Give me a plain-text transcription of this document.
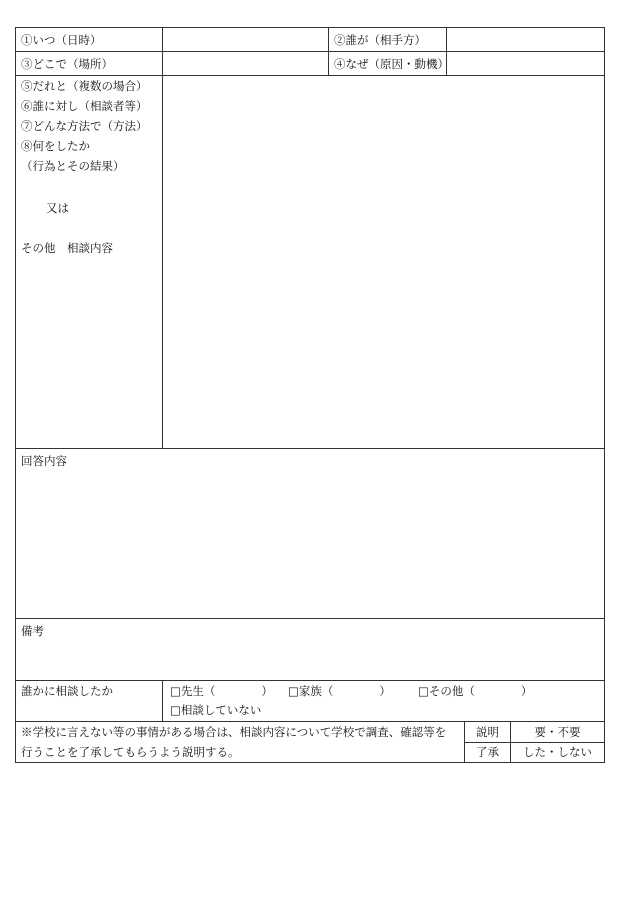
①いつ（日時）	②誰が（相手方）
③どこで（場所）	④なぜ（原因・動機）
⑤だれと（複数の場合）
⑥誰に対し（相談者等）
⑦どんな方法で（方法）
⑧何をしたか
（行為とその結果）
又は
その他　相談内容
回答内容
備考
誰かに相談したか	□先生（　　　　） □家族（　　　　） □その他（　　　　）
□相談していない
※学校に言えない等の事情がある場合は、相談内容について学校で調査、確認等を
行うことを了承してもらうよう説明する。
説明	要・不要
了承	した・しない
